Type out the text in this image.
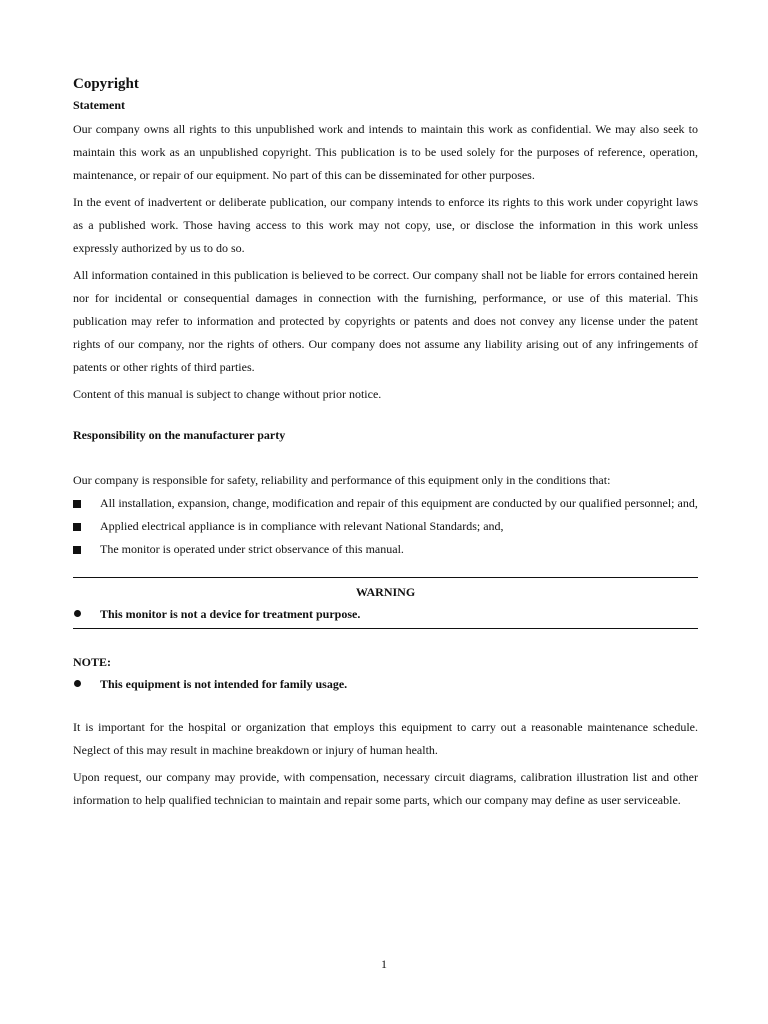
Copyright
Statement

Our company owns all rights to this unpublished work and intends to maintain this work as confidential. We may also seek to maintain this work as an unpublished copyright. This publication is to be used solely for the purposes of reference, operation, maintenance, or repair of our equipment. No part of this can be disseminated for other purposes.

In the event of inadvertent or deliberate publication, our company intends to enforce its rights to this work under copyright laws as a published work. Those having access to this work may not copy, use, or disclose the information in this work unless expressly authorized by us to do so.

All information contained in this publication is believed to be correct. Our company shall not be liable for errors contained herein nor for incidental or consequential damages in connection with the furnishing, performance, or use of this material. This publication may refer to information and protected by copyrights or patents and does not convey any license under the patent rights of our company, nor the rights of others. Our company does not assume any liability arising out of any infringements of patents or other rights of third parties.

Content of this manual is subject to change without prior notice.

Responsibility on the manufacturer party

Our company is responsible for safety, reliability and performance of this equipment only in the conditions that:

All installation, expansion, change, modification and repair of this equipment are conducted by our qualified personnel; and,
Applied electrical appliance is in compliance with relevant National Standards; and,
The monitor is operated under strict observance of this manual.
WARNING
This monitor is not a device for treatment purpose.
NOTE:
This equipment is not intended for family usage.

It is important for the hospital or organization that employs this equipment to carry out a reasonable maintenance schedule. Neglect of this may result in machine breakdown or injury of human health.

Upon request, our company may provide, with compensation, necessary circuit diagrams, calibration illustration list and other information to help qualified technician to maintain and repair some parts, which our company may define as user serviceable.

1
